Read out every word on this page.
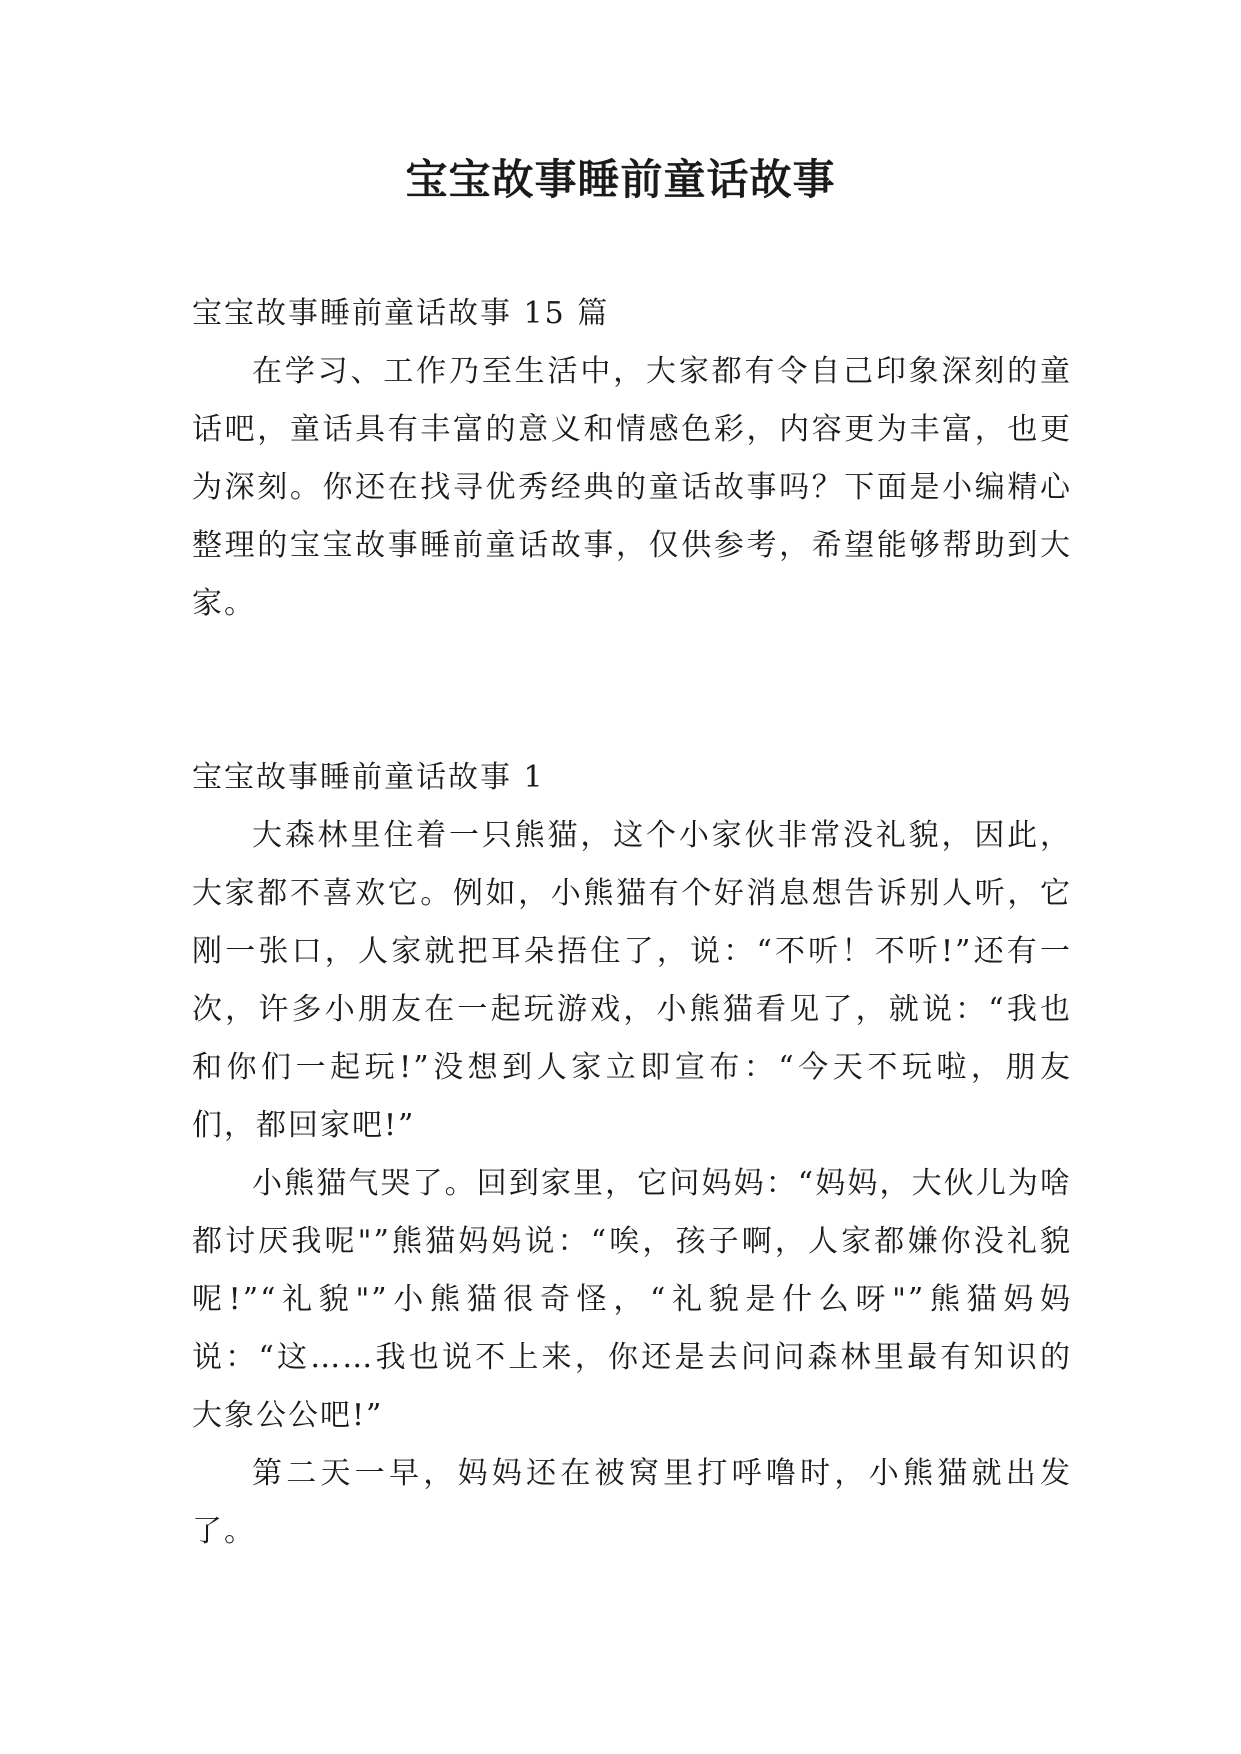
宝宝故事睡前童话故事

宝宝故事睡前童话故事 15 篇

在学习、工作乃至生活中，大家都有令自己印象深刻的童话吧，童话具有丰富的意义和情感色彩，内容更为丰富，也更为深刻。你还在找寻优秀经典的童话故事吗？下面是小编精心整理的宝宝故事睡前童话故事，仅供参考，希望能够帮助到大家。

宝宝故事睡前童话故事 1

大森林里住着一只熊猫，这个小家伙非常没礼貌，因此，大家都不喜欢它。例如，小熊猫有个好消息想告诉别人听，它刚一张口，人家就把耳朵捂住了，说：“不听！不听!”还有一次，许多小朋友在一起玩游戏，小熊猫看见了，就说：“我也和你们一起玩!”没想到人家立即宣布：“今天不玩啦，朋友们，都回家吧!”

小熊猫气哭了。回到家里，它问妈妈：“妈妈，大伙儿为啥都讨厌我呢"”熊猫妈妈说：“唉，孩子啊，人家都嫌你没礼貌呢!”“礼貌"”小熊猫很奇怪，“礼貌是什么呀"”熊猫妈妈说：“这……我也说不上来，你还是去问问森林里最有知识的大象公公吧!”

第二天一早，妈妈还在被窝里打呼噜时，小熊猫就出发了。
